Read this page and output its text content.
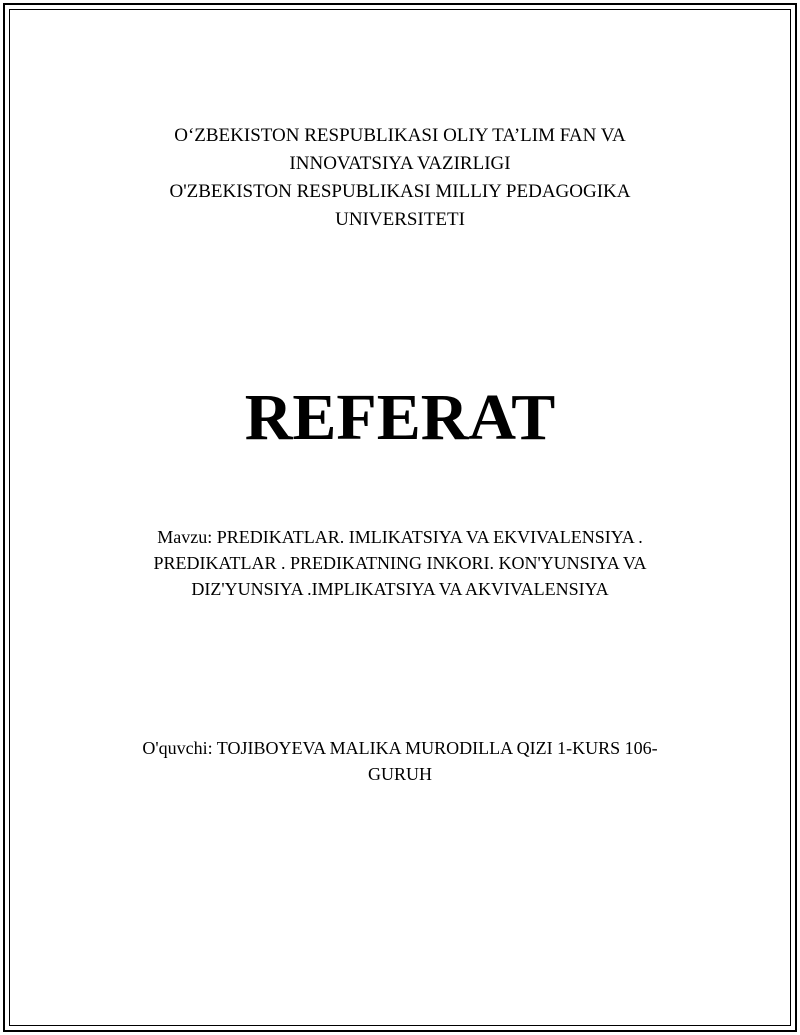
O‘ZBEKISTON RESPUBLIKASI OLIY TA’LIM FAN VA
INNOVATSIYA VAZIRLIGI
O'ZBEKISTON RESPUBLIKASI MILLIY PEDAGOGIKA
UNIVERSITETI
REFERAT
Mavzu: PREDIKATLAR. IMLIKATSIYA VA EKVIVALENSIYA . PREDIKATLAR . PREDIKATNING INKORI. KON'YUNSIYA VA DIZ'YUNSIYA .IMPLIKATSIYA VA AKVIVALENSIYA
O'quvchi: TOJIBOYEVA MALIKA MURODILLA QIZI 1-KURS 106-GURUH
